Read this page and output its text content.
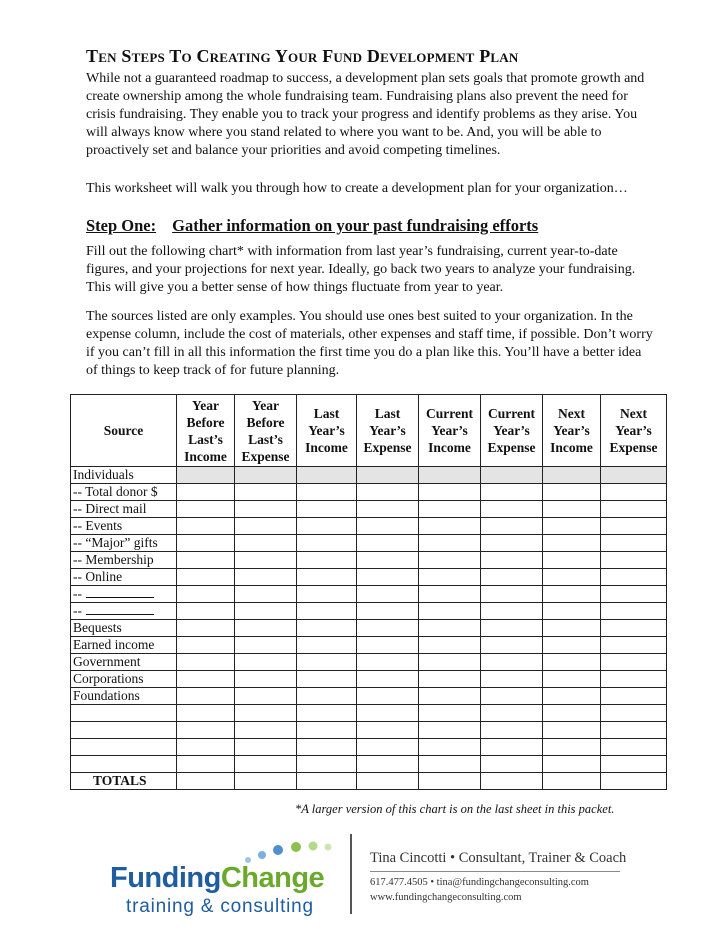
Ten Steps To Creating Your Fund Development Plan
While not a guaranteed roadmap to success, a development plan sets goals that promote growth and create ownership among the whole fundraising team. Fundraising plans also prevent the need for crisis fundraising. They enable you to track your progress and identify problems as they arise. You will always know where you stand related to where you want to be. And, you will be able to proactively set and balance your priorities and avoid competing timelines.
This worksheet will walk you through how to create a development plan for your organization…
Step One: Gather information on your past fundraising efforts
Fill out the following chart* with information from last year’s fundraising, current year-to-date figures, and your projections for next year. Ideally, go back two years to analyze your fundraising. This will give you a better sense of how things fluctuate from year to year.
The sources listed are only examples. You should use ones best suited to your organization. In the expense column, include the cost of materials, other expenses and staff time, if possible. Don’t worry if you can’t fill in all this information the first time you do a plan like this. You’ll have a better idea of things to keep track of for future planning.
Source	Year Before Last’s Income	Year Before Last’s Expense	Last Year’s Income	Last Year’s Expense	Current Year’s Income	Current Year’s Expense	Next Year’s Income	Next Year’s Expense
Individuals								
-- Total donor $								
-- Direct mail								
-- Events								
-- “Major” gifts								
-- Membership								
-- Online								
--								
--								
Bequests								
Earned income								
Government								
Corporations								
Foundations								

TOTALS								
*A larger version of this chart is on the last sheet in this packet.
FundingChange
training & consulting
Tina Cincotti • Consultant, Trainer & Coach
617.477.4505 • tina@fundingchangeconsulting.com
www.fundingchangeconsulting.com
